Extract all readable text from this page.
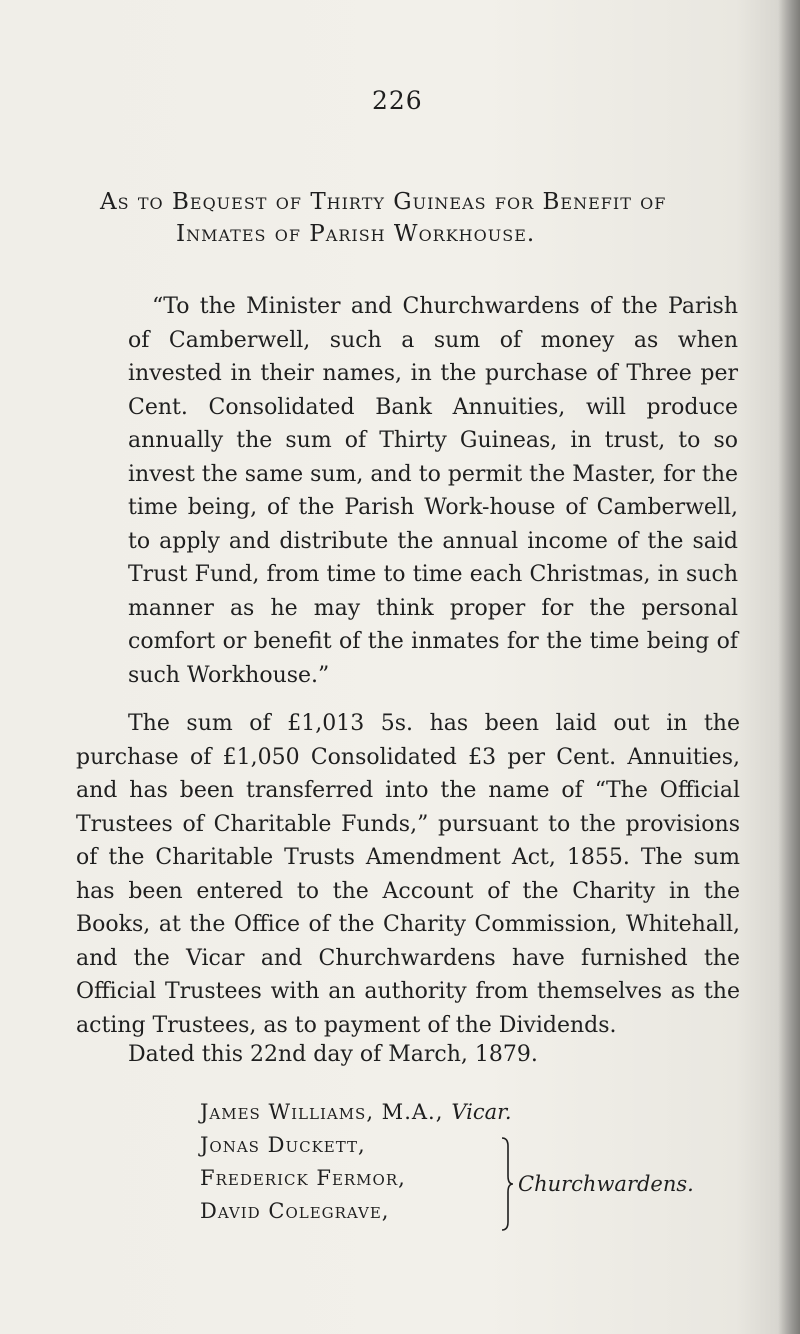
226
As to Bequest of Thirty Guineas for Benefit of
Inmates of Parish Workhouse.
“To the Minister and Churchwardens of the Parish of Camberwell, such a sum of money as when invested in their names, in the purchase of Three per Cent. Consolidated Bank Annuities, will produce annually the sum of Thirty Guineas, in trust, to so invest the same sum, and to permit the Master, for the time being, of the Parish Work-house of Camberwell, to apply and distribute the annual income of the said Trust Fund, from time to time each Christmas, in such manner as he may think proper for the personal comfort or benefit of the inmates for the time being of such Workhouse.”
The sum of £1,013 5s. has been laid out in the purchase of £1,050 Consolidated £3 per Cent. Annuities, and has been transferred into the name of “The Official Trustees of Charitable Funds,” pursuant to the provisions of the Charitable Trusts Amendment Act, 1855. The sum has been entered to the Account of the Charity in the Books, at the Office of the Charity Commission, Whitehall, and the Vicar and Churchwardens have furnished the Official Trustees with an authority from themselves as the acting Trustees, as to payment of the Dividends.
Dated this 22nd day of March, 1879.
James Williams, M.A., Vicar.
Jonas Duckett,
Frederick Fermor,
David Colegrave,
Churchwardens.
